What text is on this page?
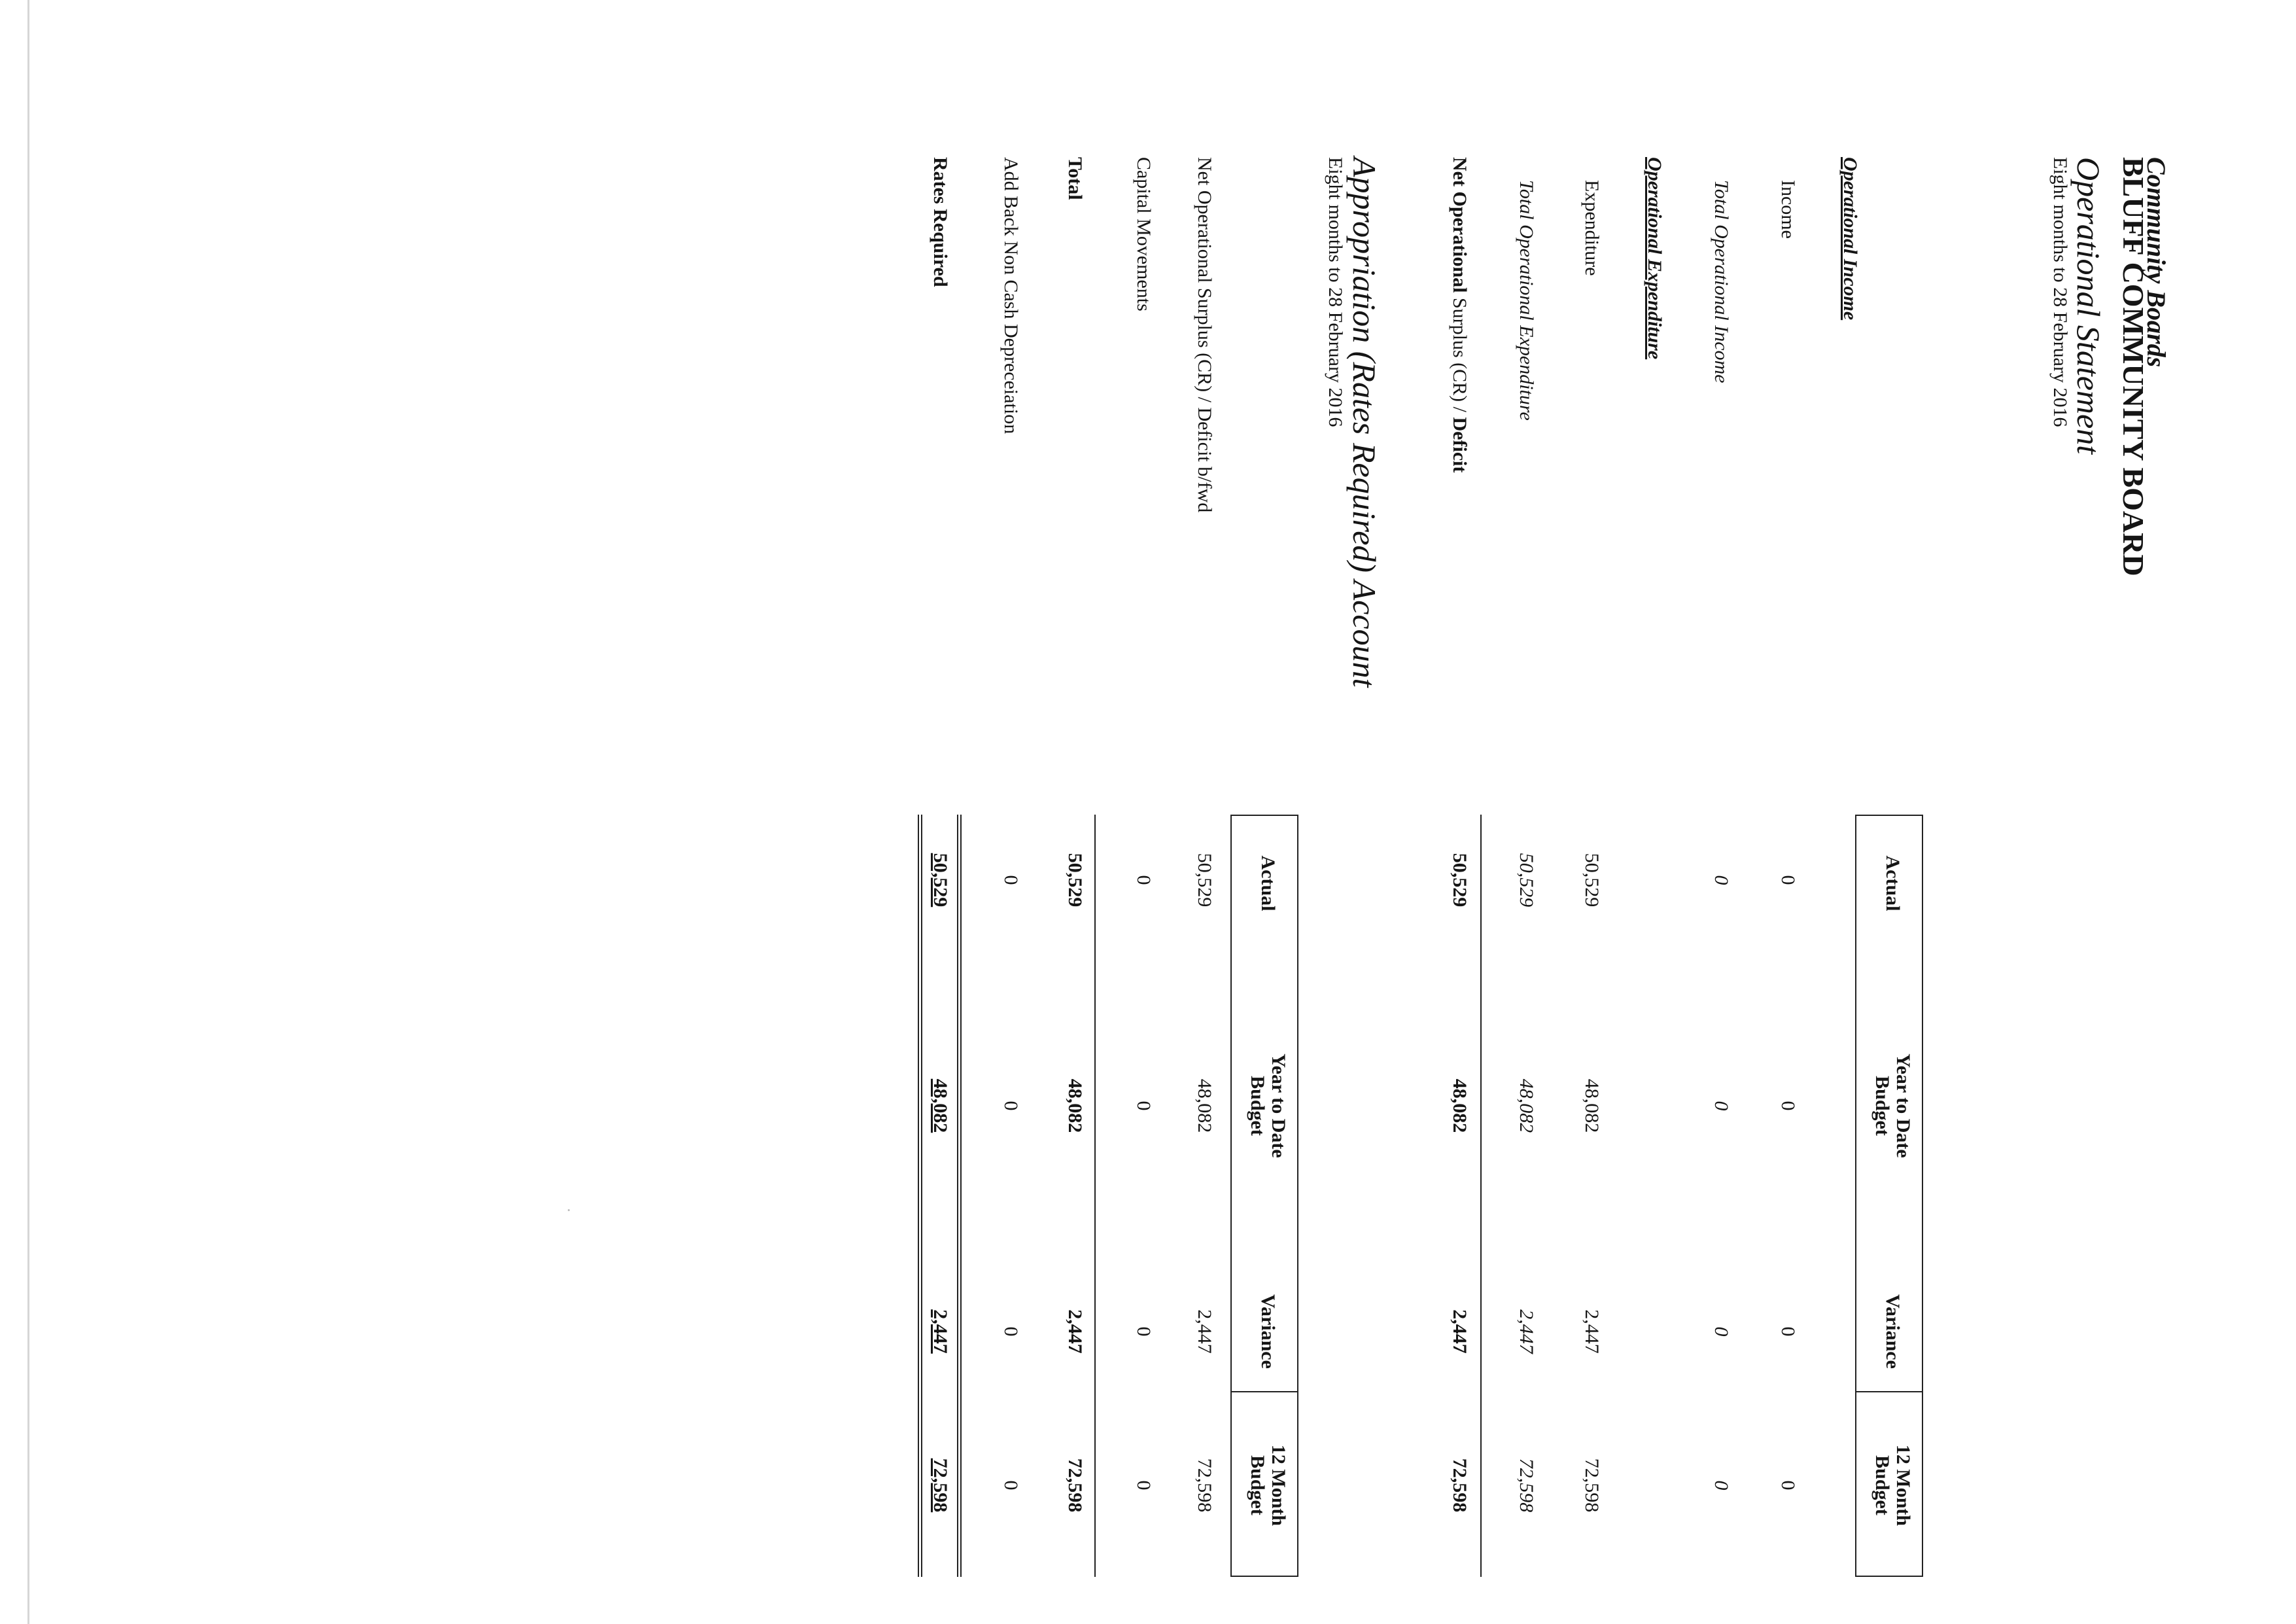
Community Boards
BLUFF COMMUNITY BOARD
Operational Statement
Eight months to 28 February 2016
Actual
Year to Date
Budget
Variance
12 Month
Budget
Operational Income
Income
0
0
0
0
Total Operational Income
0
0
0
0
Operational Expenditure
Expenditure
50,529
48,082
2,447
72,598
Total Operational Expenditure
50,529
48,082
2,447
72,598
Net Operational Surplus (CR) / Deficit
50,529
48,082
2,447
72,598
Appropriation (Rates Required) Account
Eight months to 28 February 2016
Actual
Year to Date
Budget
Variance
12 Month
Budget
Net Operational Surplus (CR) / Deficit b/fwd
50,529
48,082
2,447
72,598
Capital Movements
0
0
0
0
Total
50,529
48,082
2,447
72,598
Add Back Non Cash Depreceiation
0
0
0
0
Rates Required
50,529
48,082
2,447
72,598
